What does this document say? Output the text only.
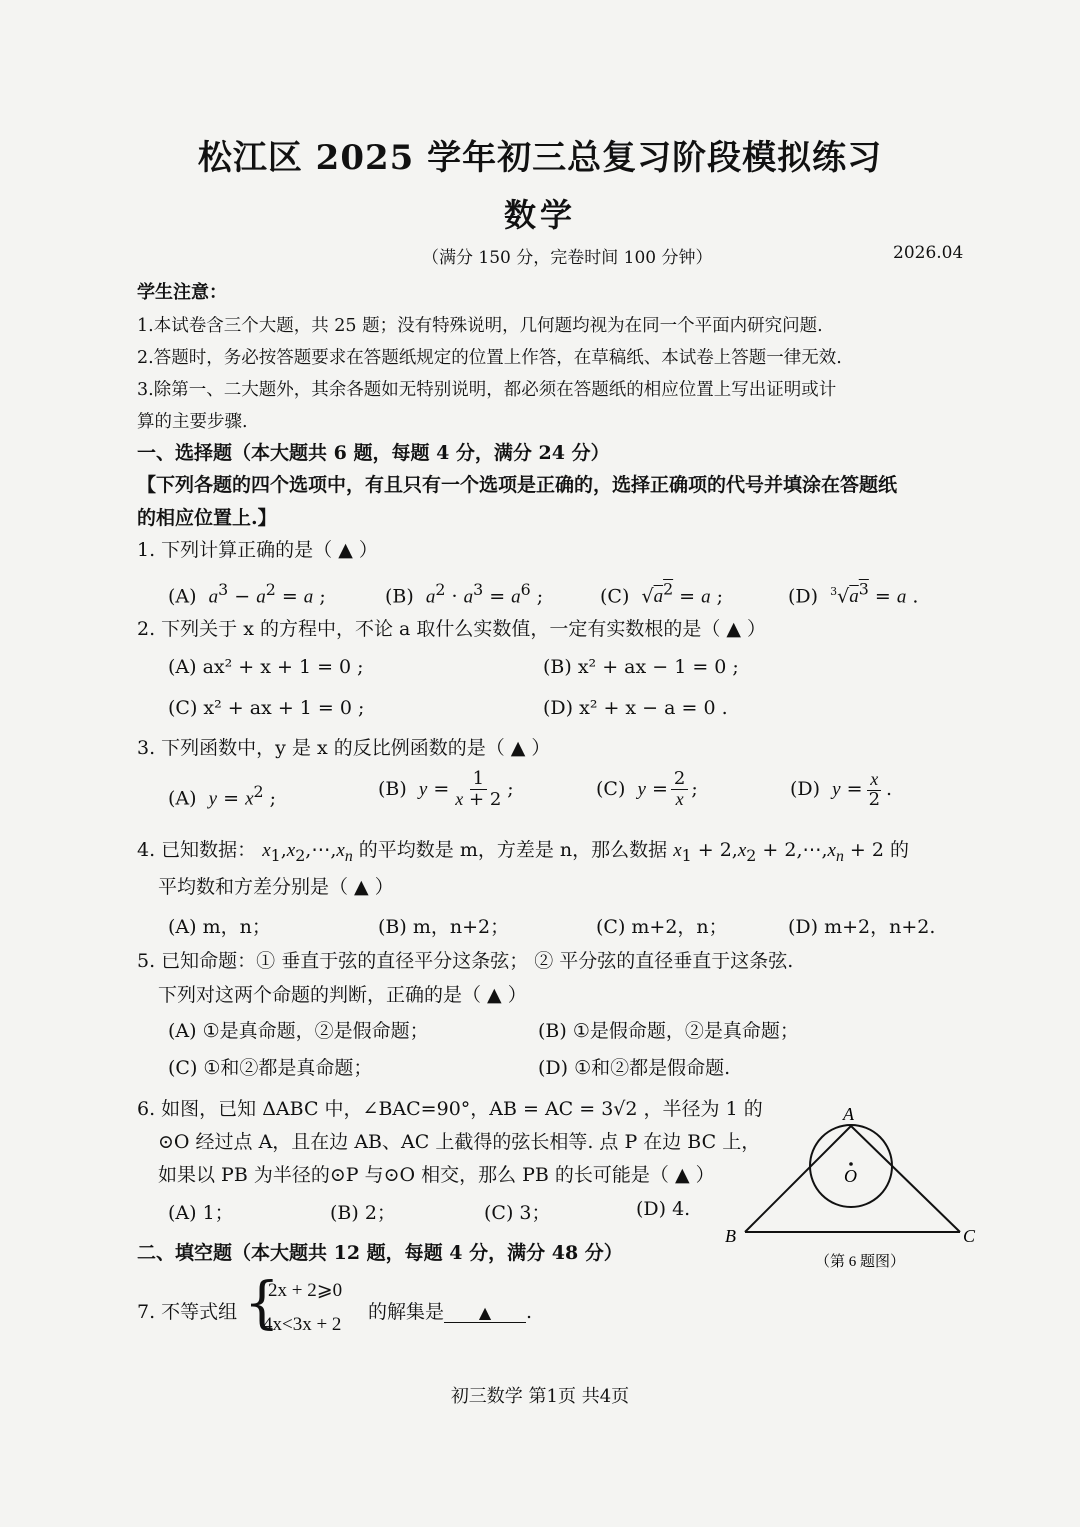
松江区 2025 学年初三总复习阶段模拟练习
数学
（满分 150 分，完卷时间 100 分钟）	2026.04
学生注意：
1.本试卷含三个大题，共 25 题；没有特殊说明，几何题均视为在同一个平面内研究问题.
2.答题时，务必按答题要求在答题纸规定的位置上作答，在草稿纸、本试卷上答题一律无效.
3.除第一、二大题外，其余各题如无特别说明，都必须在答题纸的相应位置上写出证明或计
算的主要步骤.
一、选择题（本大题共 6 题，每题 4 分，满分 24 分）
【下列各题的四个选项中，有且只有一个选项是正确的，选择正确项的代号并填涂在答题纸
的相应位置上.】
1. 下列计算正确的是（ ▲ ）
(A) $a^3 - a^2 = a$ ;	(B) $a^2 \cdot a^3 = a^6$ ;	(C)  $√a^2 = a$ ;	(D) $^3√a^3 = a$ .
2. 下列关于 x 的方程中，不论 a 取什么实数值，一定有实数根的是（ ▲ ）
(A) ax² + x + 1 = 0 ;	(B) x² + ax − 1 = 0 ;
(C) x² + ax + 1 = 0 ;	(D) x² + x − a = 0 .
3. 下列函数中，y 是 x 的反比例函数的是（ ▲ ）
(A) $y = x^2$ ;	(B) $y = \frac{1}{x + 2}$ ;	(C) $y = \frac{2}{x}$ ;	(D) $y = \frac{x}{2}$ .
4. 已知数据： $x_1,x_2,\cdots,x_n$ 的平均数是 m，方差是 n，那么数据 $x_1 + 2,x_2$ + $2,\cdots,x_n + 2$ 的
平均数和方差分别是（ ▲ ）
(A) m，n；	(B) m，n+2；	(C) m+2，n；	(D) m+2，n+2.
5. 已知命题：① 垂直于弦的直径平分这条弦； ② 平分弦的直径垂直于这条弦.
下列对这两个命题的判断，正确的是（ ▲ ）
(A) ①是真命题，②是假命题；	(B) ①是假命题，②是真命题；
(C) ①和②都是真命题；	(D) ①和②都是假命题.
6. 如图，已知 ΔABC 中，∠BAC=90°，AB = AC = 3√2 ，半径为 1 的
⊙O 经过点 A，且在边 AB、AC 上截得的弦长相等. 点 P 在边 BC 上，
如果以 PB 为半径的⊙P 与⊙O 相交，那么 PB 的长可能是（ ▲ ）
(A) 1；	(B) 2；	(C) 3；	(D) 4.
A
B	C
O
（第 6 题图）
二、填空题（本大题共 12 题，每题 4 分，满分 48 分）
7. 不等式组 {
2x + 2⩾0
4x<3x + 2
的解集是 ▲ .
初三数学 第1页 共4页
